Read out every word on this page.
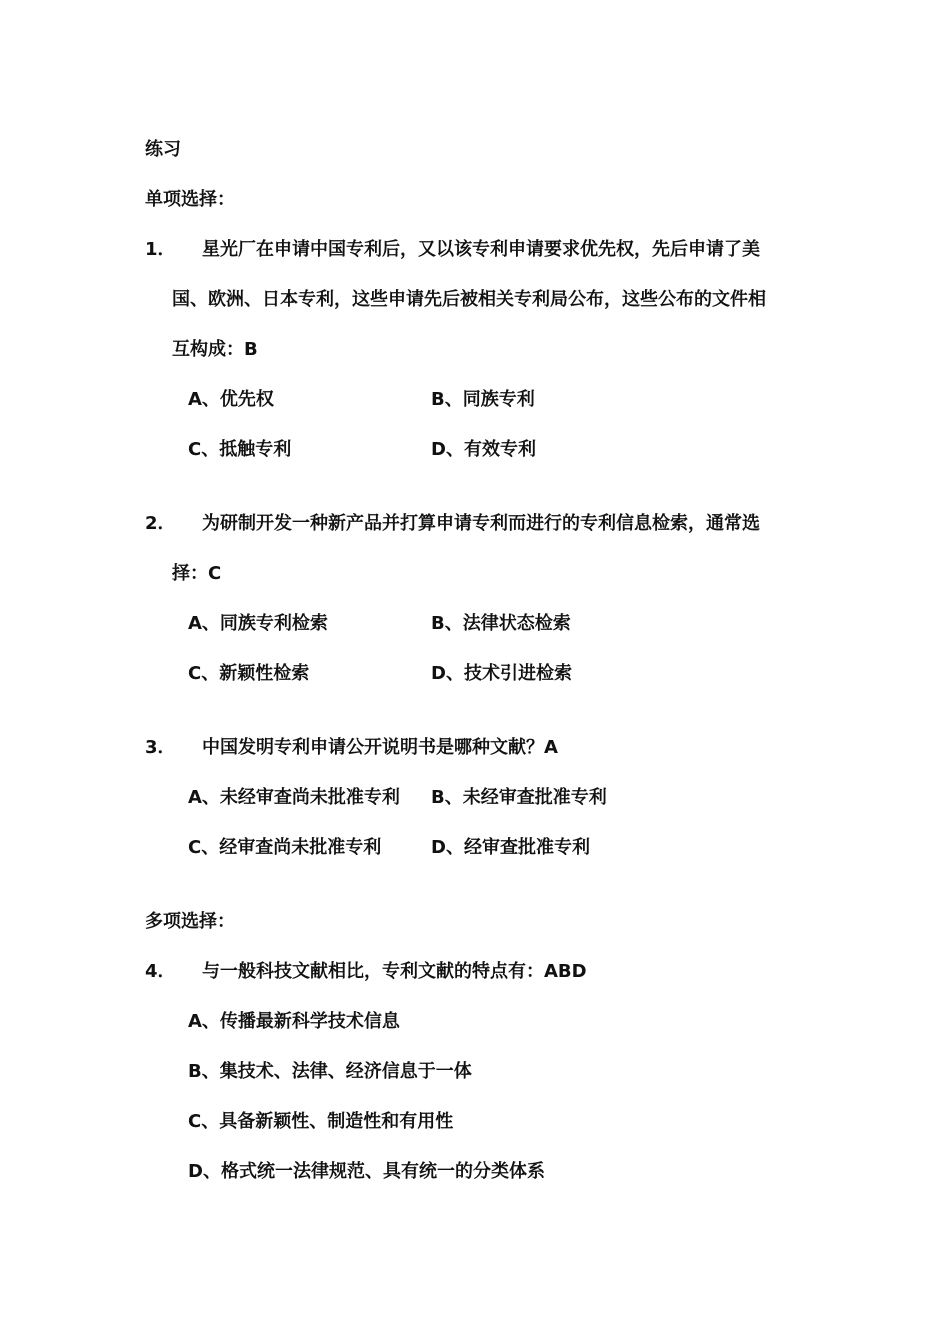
练习
单项选择：
1． 星光厂在申请中国专利后，又以该专利申请要求优先权，先后申请了美
国、欧洲、日本专利，这些申请先后被相关专利局公布，这些公布的文件相
互构成：B
A、优先权	B、同族专利
C、抵触专利	D、有效专利
2． 为研制开发一种新产品并打算申请专利而进行的专利信息检索，通常选
择：C
A、同族专利检索	B、法律状态检索
C、新颖性检索	D、技术引进检索
3． 中国发明专利申请公开说明书是哪种文献？A
A、未经审查尚未批准专利 B、未经审查批准专利
C、经审查尚未批准专利	D、经审查批准专利
多项选择：
4． 与一般科技文献相比，专利文献的特点有：ABD
A、传播最新科学技术信息
B、集技术、法律、经济信息于一体
C、具备新颖性、制造性和有用性
D、格式统一法律规范、具有统一的分类体系
